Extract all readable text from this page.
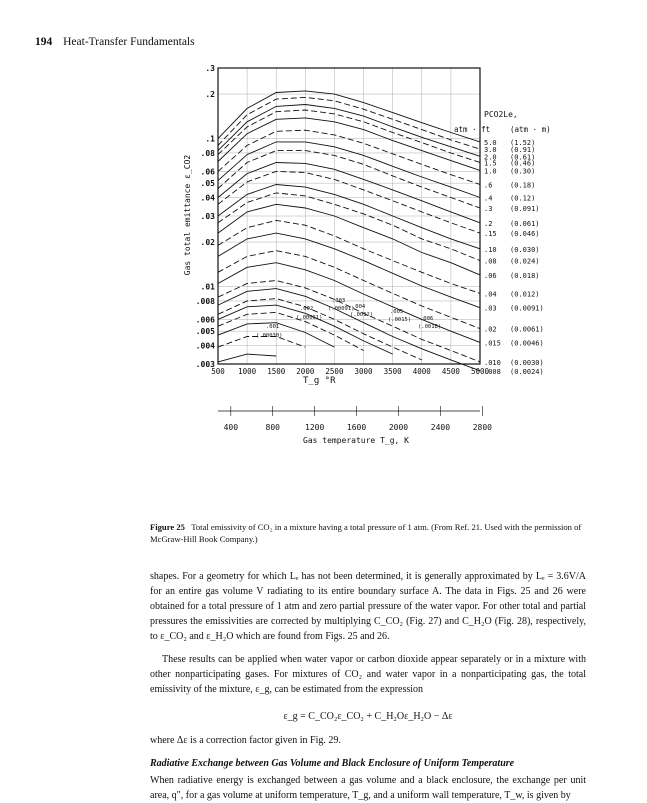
194 Heat-Transfer Fundamentals
.3
.2
.1
.08
.06
.05
.04
.03
.02
.01
.008
.006
.005
.004
.003
500 1000 1500 2000 2500 3000 3500 4000 4500 5000
400	800	1200	1600	2000	2400	2800
PCO2Le,
atm · ft	(atm · m)
5.0 (1.52)
3.0 (0.91)
2.0 (0.61)
1.5 (0.46)
1.0 (0.30)
.6	(0.18)
.4	(0.12)
.3	(0.091)
.2	(0.061)
.15 (0.046)
.10 (0.030)
.08 (0.024)
.06 (0.018)
.04 (0.012)
.03 (0.0091)
.02 (0.0061)
.015 (0.0046)
.010 (0.0030)
.008 (0.0024)
.003
(.00091)
.002
(.00061)
.004
(.0012)	.005
(.0015) .006
(.0018)
.001
(.00030)
Gas total emittance ε_CO2
T_g °R
Gas temperature T_g, K
Figure 25 Total emissivity of CO₂ in a mixture having a total pressure of 1 atm. (From Ref. 21. Used with the permission of McGraw-Hill Book Company.)
shapes. For a geometry for which Lₑ has not been determined, it is generally approximated by Lₑ = 3.6V/A for an entire gas volume V radiating to its entire boundary surface A. The data in Figs. 25 and 26 were obtained for a total pressure of 1 atm and zero partial pressure of the water vapor. For other total and partial pressures the emissivities are corrected by multiplying C_CO₂ (Fig. 27) and C_H₂O (Fig. 28), respectively, to ε_CO₂ and ε_H₂O which are found from Figs. 25 and 26.
These results can be applied when water vapor or carbon dioxide appear separately or in a mixture with other nonparticipating gases. For mixtures of CO₂ and water vapor in a nonparticipating gas, the total emissivity of the mixture, ε_g, can be estimated from the expression
ε_g = C_CO₂ε_CO₂ + C_H₂Oε_H₂O − Δε
where Δε is a correction factor given in Fig. 29.
Radiative Exchange between Gas Volume and Black Enclosure of Uniform Temperature
When radiative energy is exchanged between a gas volume and a black enclosure, the exchange per unit area, q″, for a gas volume at uniform temperature, T_g, and a uniform wall temperature, T_w, is given by
